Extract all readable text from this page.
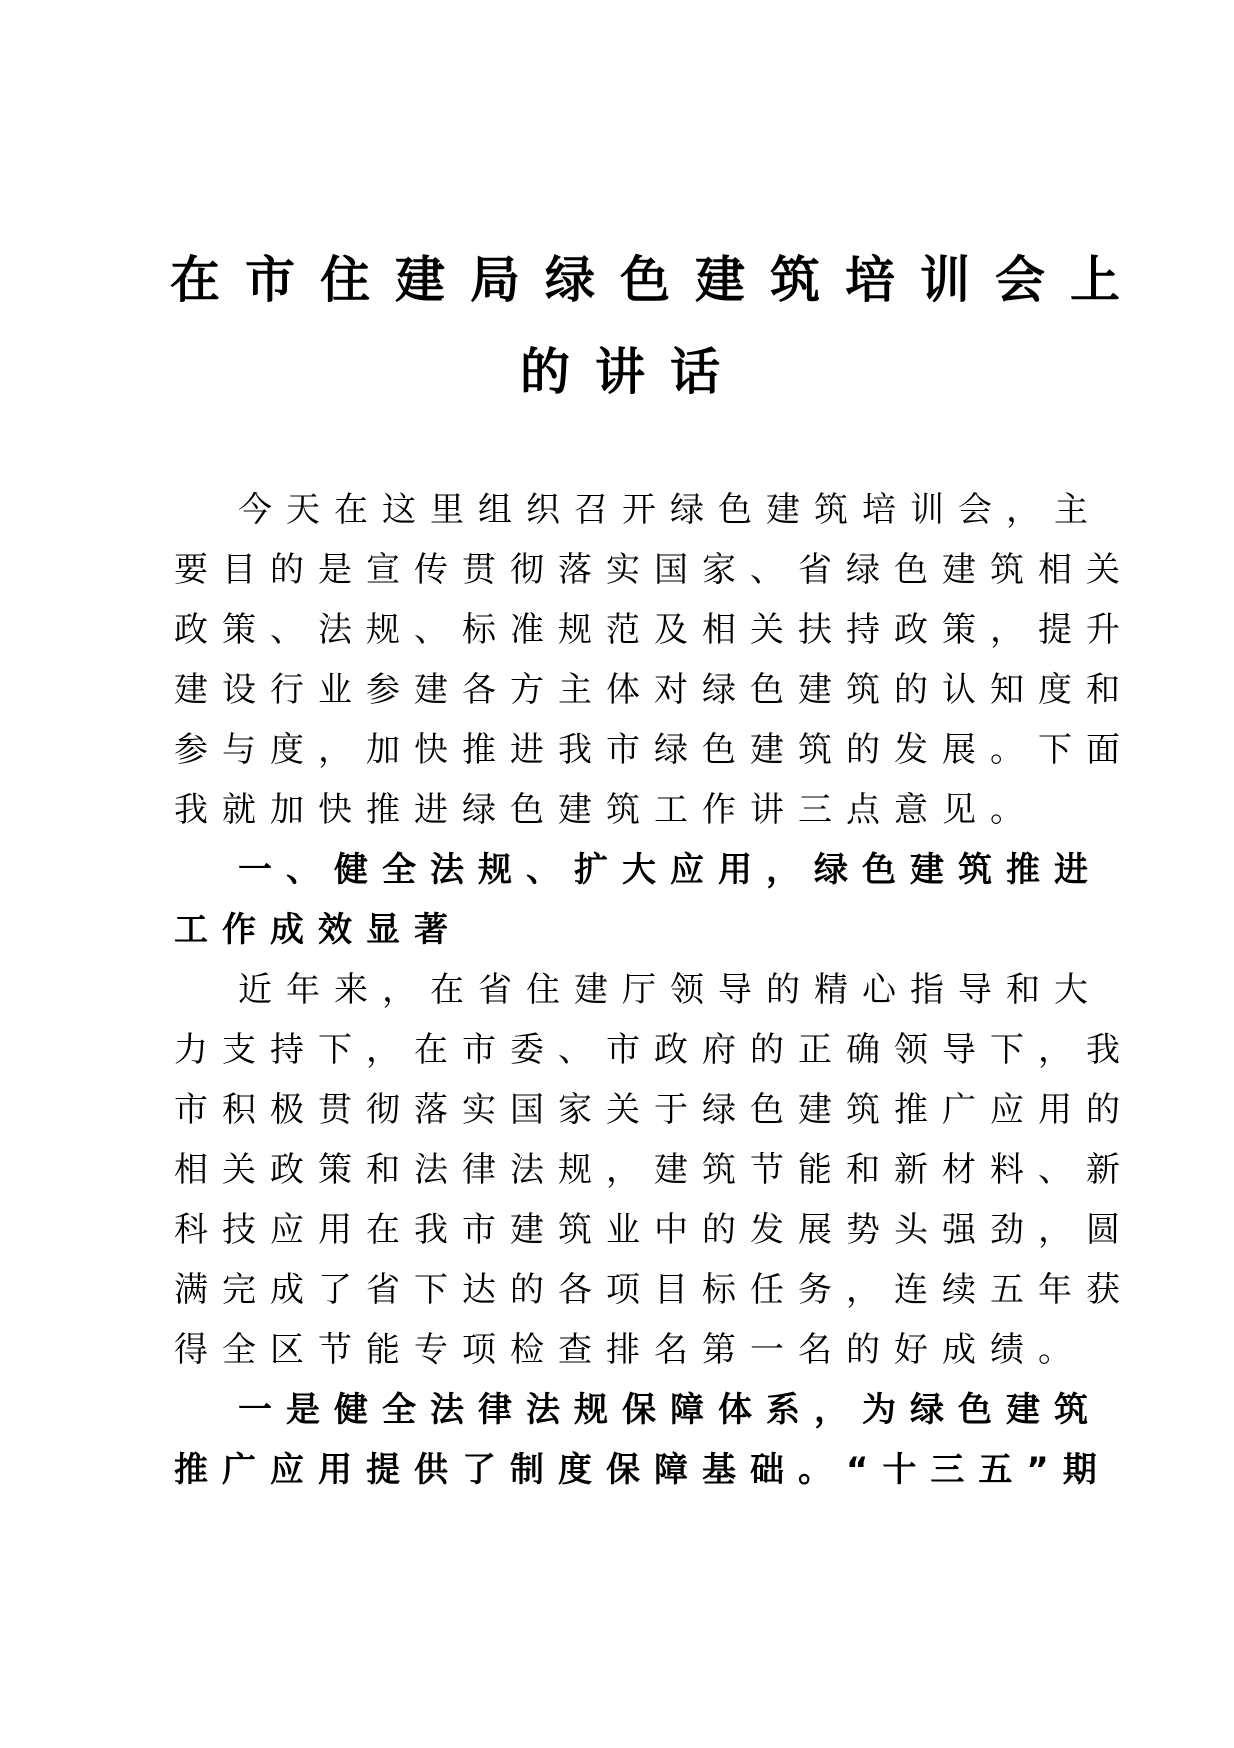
在市住建局绿色建筑培训会上
的讲话
今天在这里组织召开绿色建筑培训会，主
要目的是宣传贯彻落实国家、省绿色建筑相关
政策、法规、标准规范及相关扶持政策，提升
建设行业参建各方主体对绿色建筑的认知度和
参与度，加快推进我市绿色建筑的发展。下面
我就加快推进绿色建筑工作讲三点意见。
一、健全法规、扩大应用，绿色建筑推进
工作成效显著
近年来，在省住建厅领导的精心指导和大
力支持下，在市委、市政府的正确领导下，我
市积极贯彻落实国家关于绿色建筑推广应用的
相关政策和法律法规，建筑节能和新材料、新
科技应用在我市建筑业中的发展势头强劲，圆
满完成了省下达的各项目标任务，连续五年获
得全区节能专项检查排名第一名的好成绩。
一是健全法律法规保障体系，为绿色建筑
推广应用提供了制度保障基础。“十三五”期
